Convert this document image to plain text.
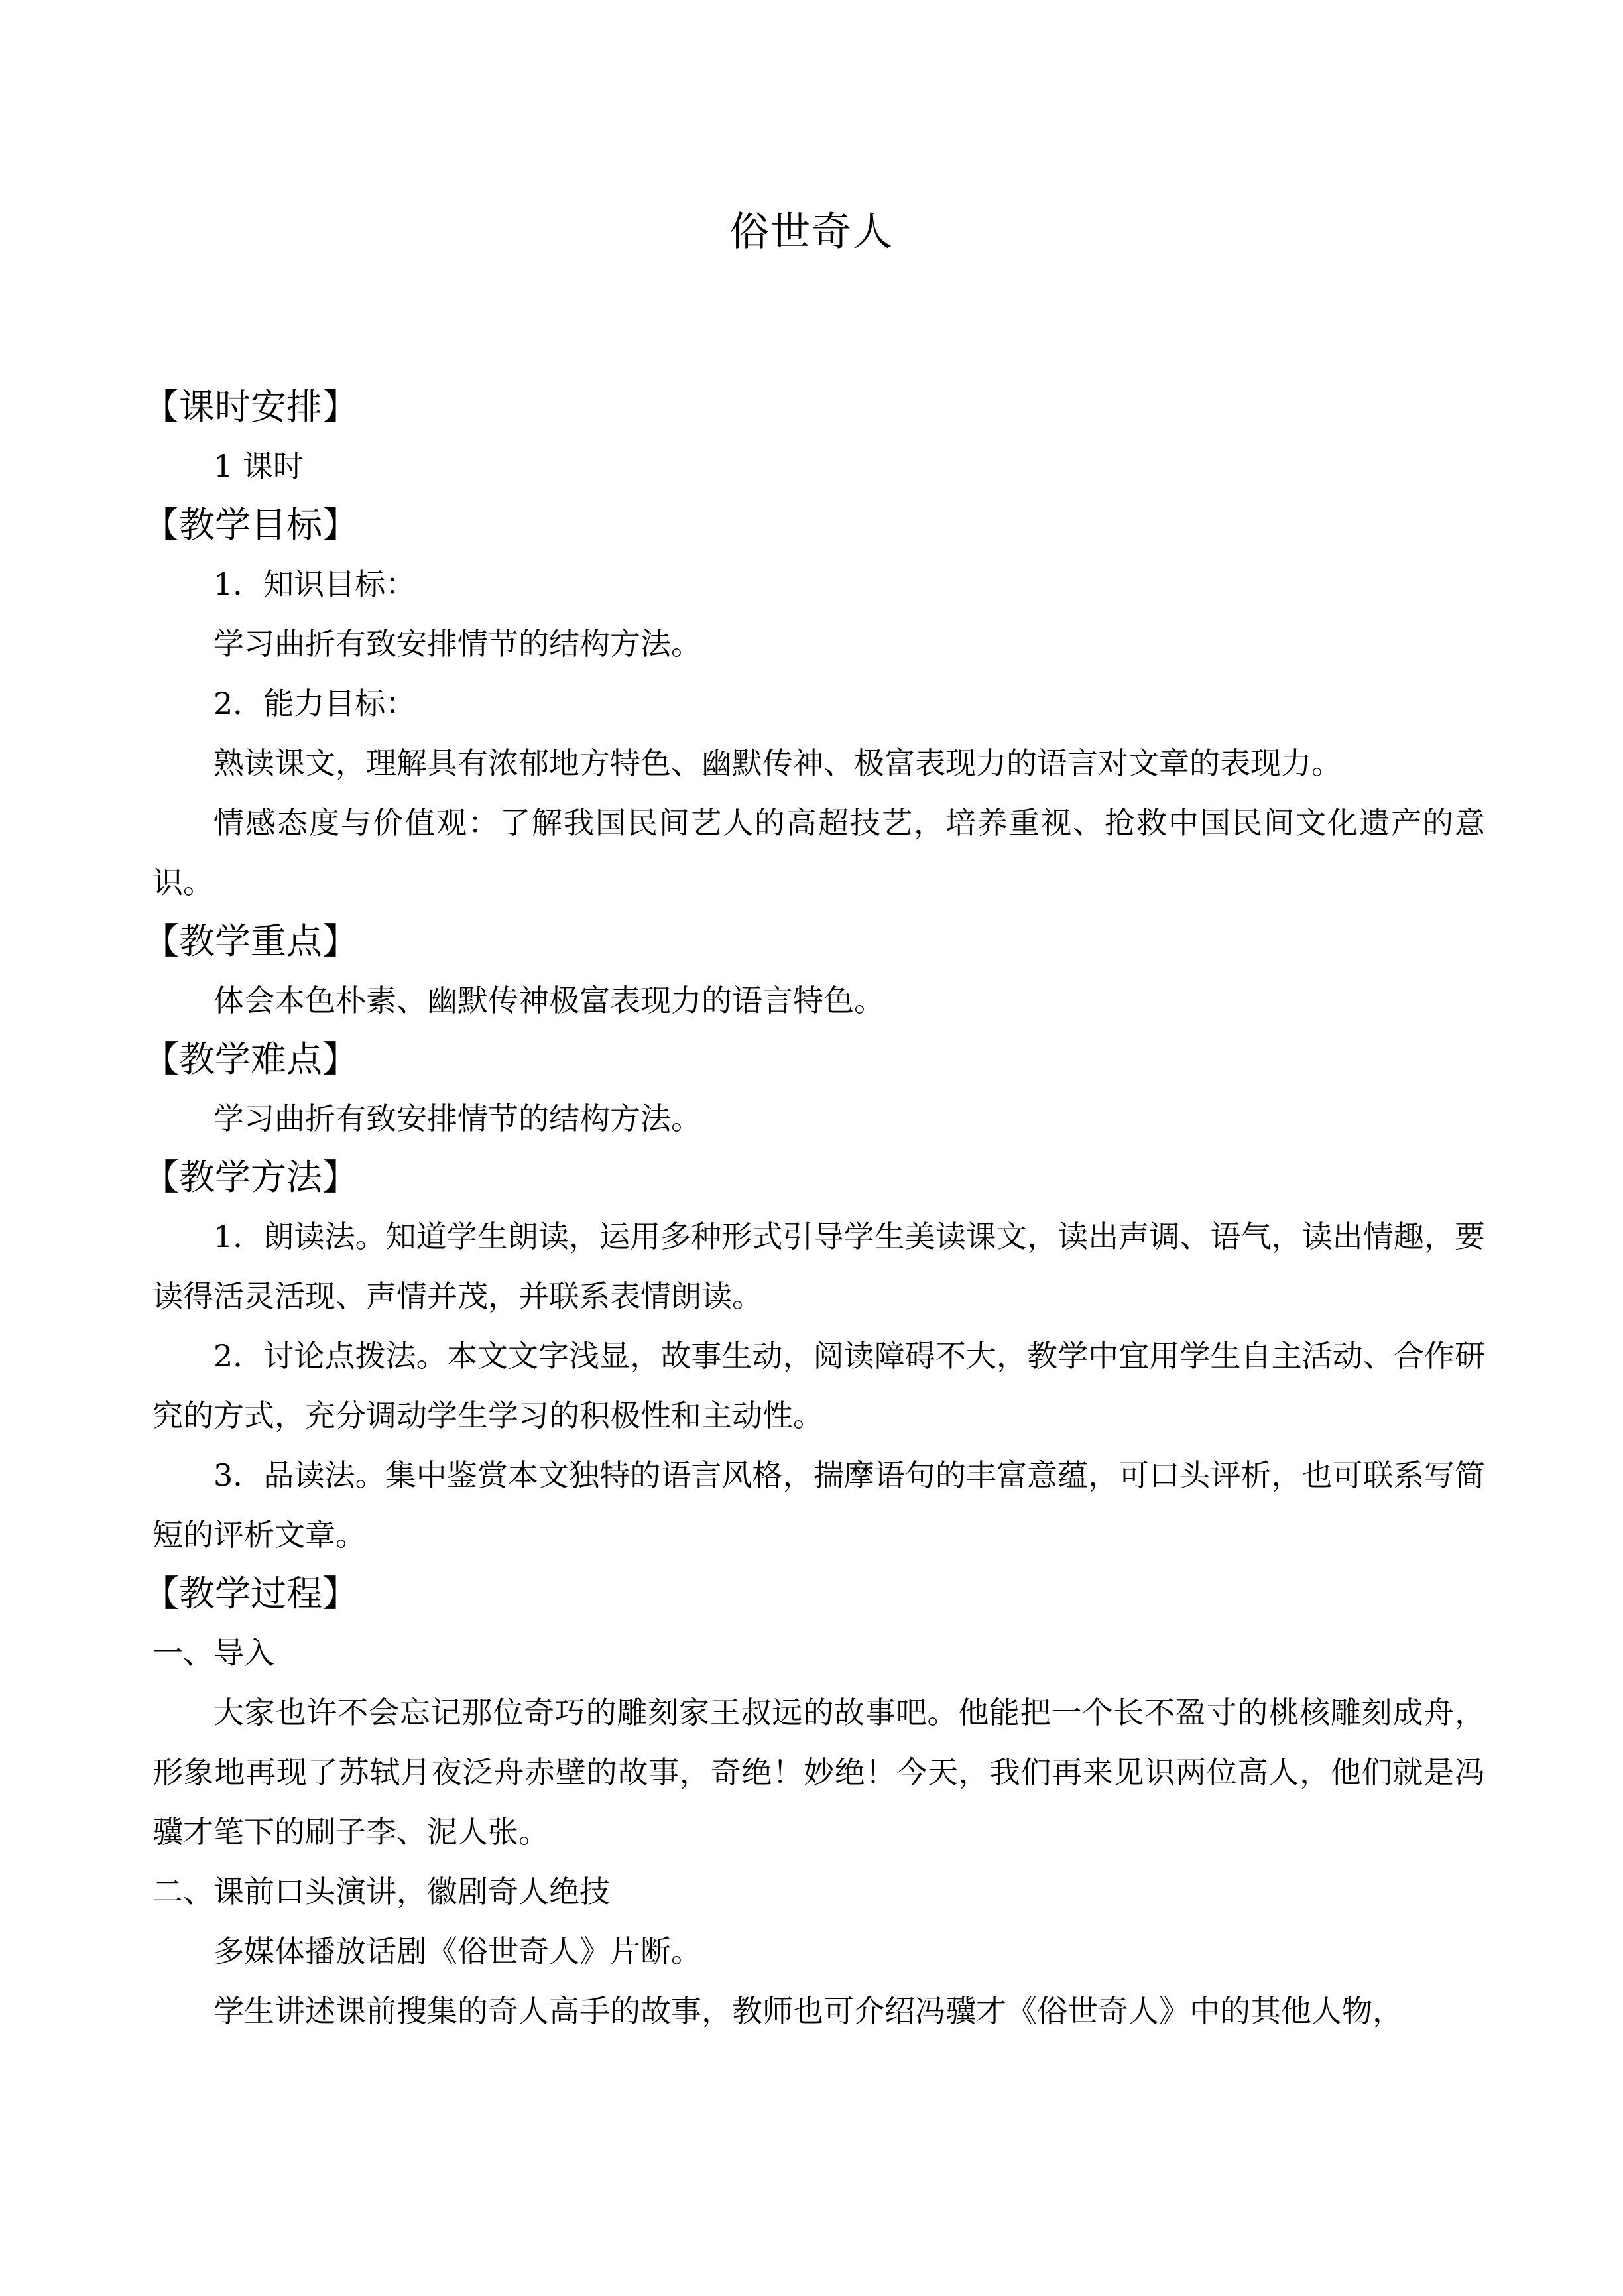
俗世奇人

【课时安排】

1 课时

【教学目标】

1．知识目标：

学习曲折有致安排情节的结构方法。

2．能力目标：

熟读课文，理解具有浓郁地方特色、幽默传神、极富表现力的语言对文章的表现力。

情感态度与价值观：了解我国民间艺人的高超技艺，培养重视、抢救中国民间文化遗产的意识。

【教学重点】

体会本色朴素、幽默传神极富表现力的语言特色。

【教学难点】

学习曲折有致安排情节的结构方法。

【教学方法】

1．朗读法。知道学生朗读，运用多种形式引导学生美读课文，读出声调、语气，读出情趣，要读得活灵活现、声情并茂，并联系表情朗读。

2．讨论点拨法。本文文字浅显，故事生动，阅读障碍不大，教学中宜用学生自主活动、合作研究的方式，充分调动学生学习的积极性和主动性。

3．品读法。集中鉴赏本文独特的语言风格，揣摩语句的丰富意蕴，可口头评析，也可联系写简短的评析文章。

【教学过程】

一、导入

大家也许不会忘记那位奇巧的雕刻家王叔远的故事吧。他能把一个长不盈寸的桃核雕刻成舟，形象地再现了苏轼月夜泛舟赤壁的故事，奇绝！妙绝！今天，我们再来见识两位高人，他们就是冯骥才笔下的刷子李、泥人张。

二、课前口头演讲，徽剧奇人绝技

多媒体播放话剧《俗世奇人》片断。

学生讲述课前搜集的奇人高手的故事，教师也可介绍冯骥才《俗世奇人》中的其他人物，
